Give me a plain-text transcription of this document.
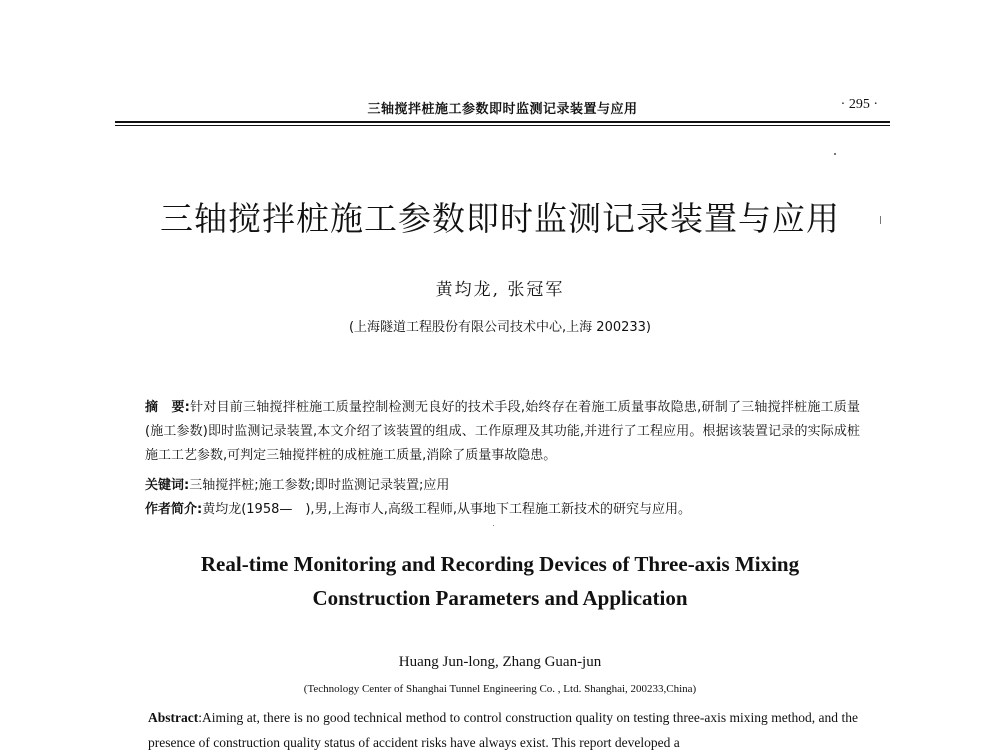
三轴搅拌桩施工参数即时监测记录装置与应用	· 295 ·
三轴搅拌桩施工参数即时监测记录装置与应用
黄均龙, 张冠军
(上海隧道工程股份有限公司技术中心,上海 200233)
摘　要:针对目前三轴搅拌桩施工质量控制检测无良好的技术手段,始终存在着施工质量事故隐患,研制了三轴搅拌桩施工质量(施工参数)即时监测记录装置,本文介绍了该装置的组成、工作原理及其功能,并进行了工程应用。根据该装置记录的实际成桩施工工艺参数,可判定三轴搅拌桩的成桩施工质量,消除了质量事故隐患。
关键词:三轴搅拌桩;施工参数;即时监测记录装置;应用
作者简介:黄均龙(1958—　),男,上海市人,高级工程师,从事地下工程施工新技术的研究与应用。
Real-time Monitoring and Recording Devices of Three-axis Mixing
Construction Parameters and Application
Huang Jun-long, Zhang Guan-jun
(Technology Center of Shanghai Tunnel Engineering Co. , Ltd. Shanghai, 200233,China)
Abstract:Aiming at, there is no good technical method to control construction quality on testing three-axis mixing method, and the presence of construction quality status of accident risks have always exist. This report developed a
